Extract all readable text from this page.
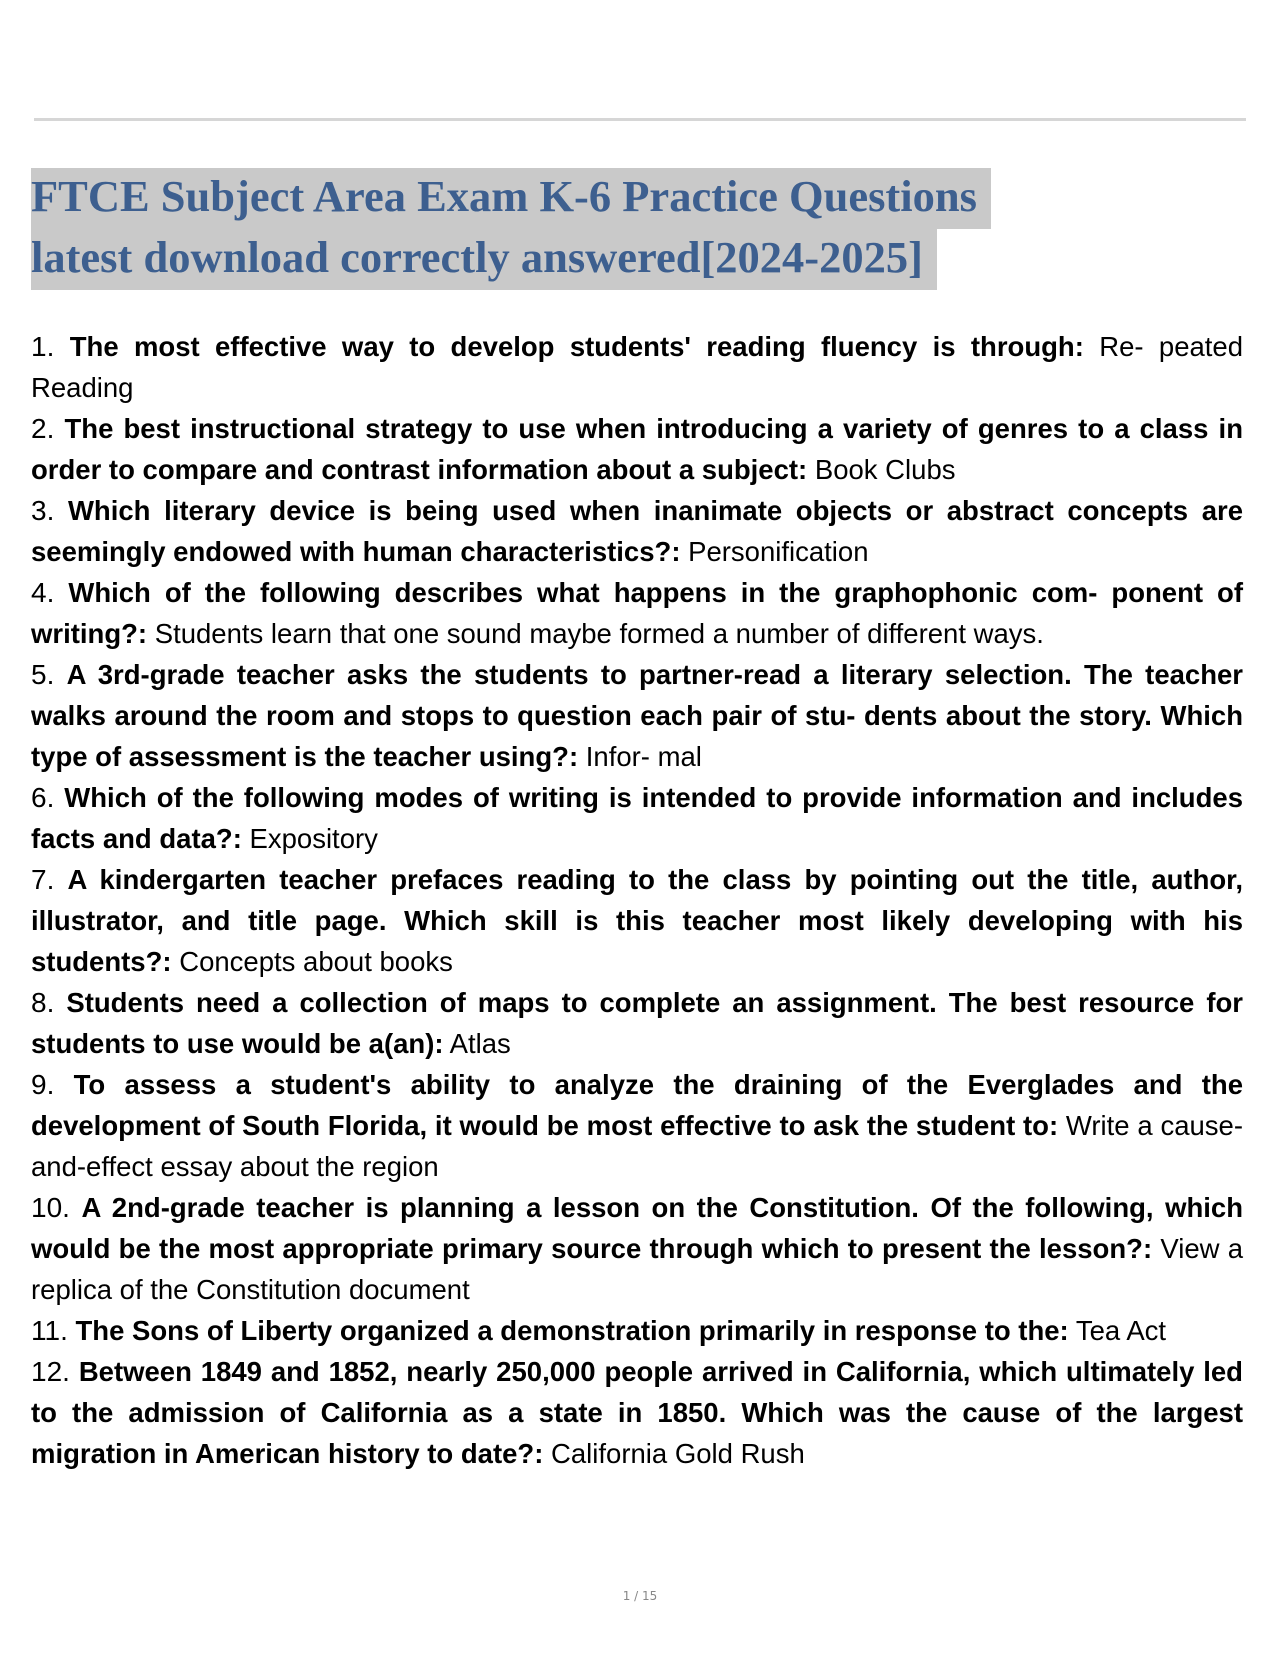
FTCE Subject Area Exam K-6 Practice Questions
latest download correctly answered[2024-2025]
1. The most effective way to develop students' reading fluency is through: Re- peated Reading
2. The best instructional strategy to use when introducing a variety of genres to a class in order to compare and contrast information about a subject: Book Clubs
3. Which literary device is being used when inanimate objects or abstract concepts are seemingly endowed with human characteristics?: Personification
4. Which of the following describes what happens in the graphophonic com- ponent of writing?: Students learn that one sound maybe formed a number of different ways.
5. A 3rd-grade teacher asks the students to partner-read a literary selection. The teacher walks around the room and stops to question each pair of stu- dents about the story. Which type of assessment is the teacher using?: Infor- mal
6. Which of the following modes of writing is intended to provide information and includes facts and data?: Expository
7. A kindergarten teacher prefaces reading to the class by pointing out the title, author, illustrator, and title page. Which skill is this teacher most likely developing with his students?: Concepts about books
8. Students need a collection of maps to complete an assignment. The best resource for students to use would be a(an): Atlas
9. To assess a student's ability to analyze the draining of the Everglades and the development of South Florida, it would be most effective to ask the student to: Write a cause-and-effect essay about the region
10. A 2nd-grade teacher is planning a lesson on the Constitution. Of the following, which would be the most appropriate primary source through which to present the lesson?: View a replica of the Constitution document
11. The Sons of Liberty organized a demonstration primarily in response to the: Tea Act
12. Between 1849 and 1852, nearly 250,000 people arrived in California, which ultimately led to the admission of California as a state in 1850. Which was the cause of the largest migration in American history to date?: California Gold Rush
1 / 15
